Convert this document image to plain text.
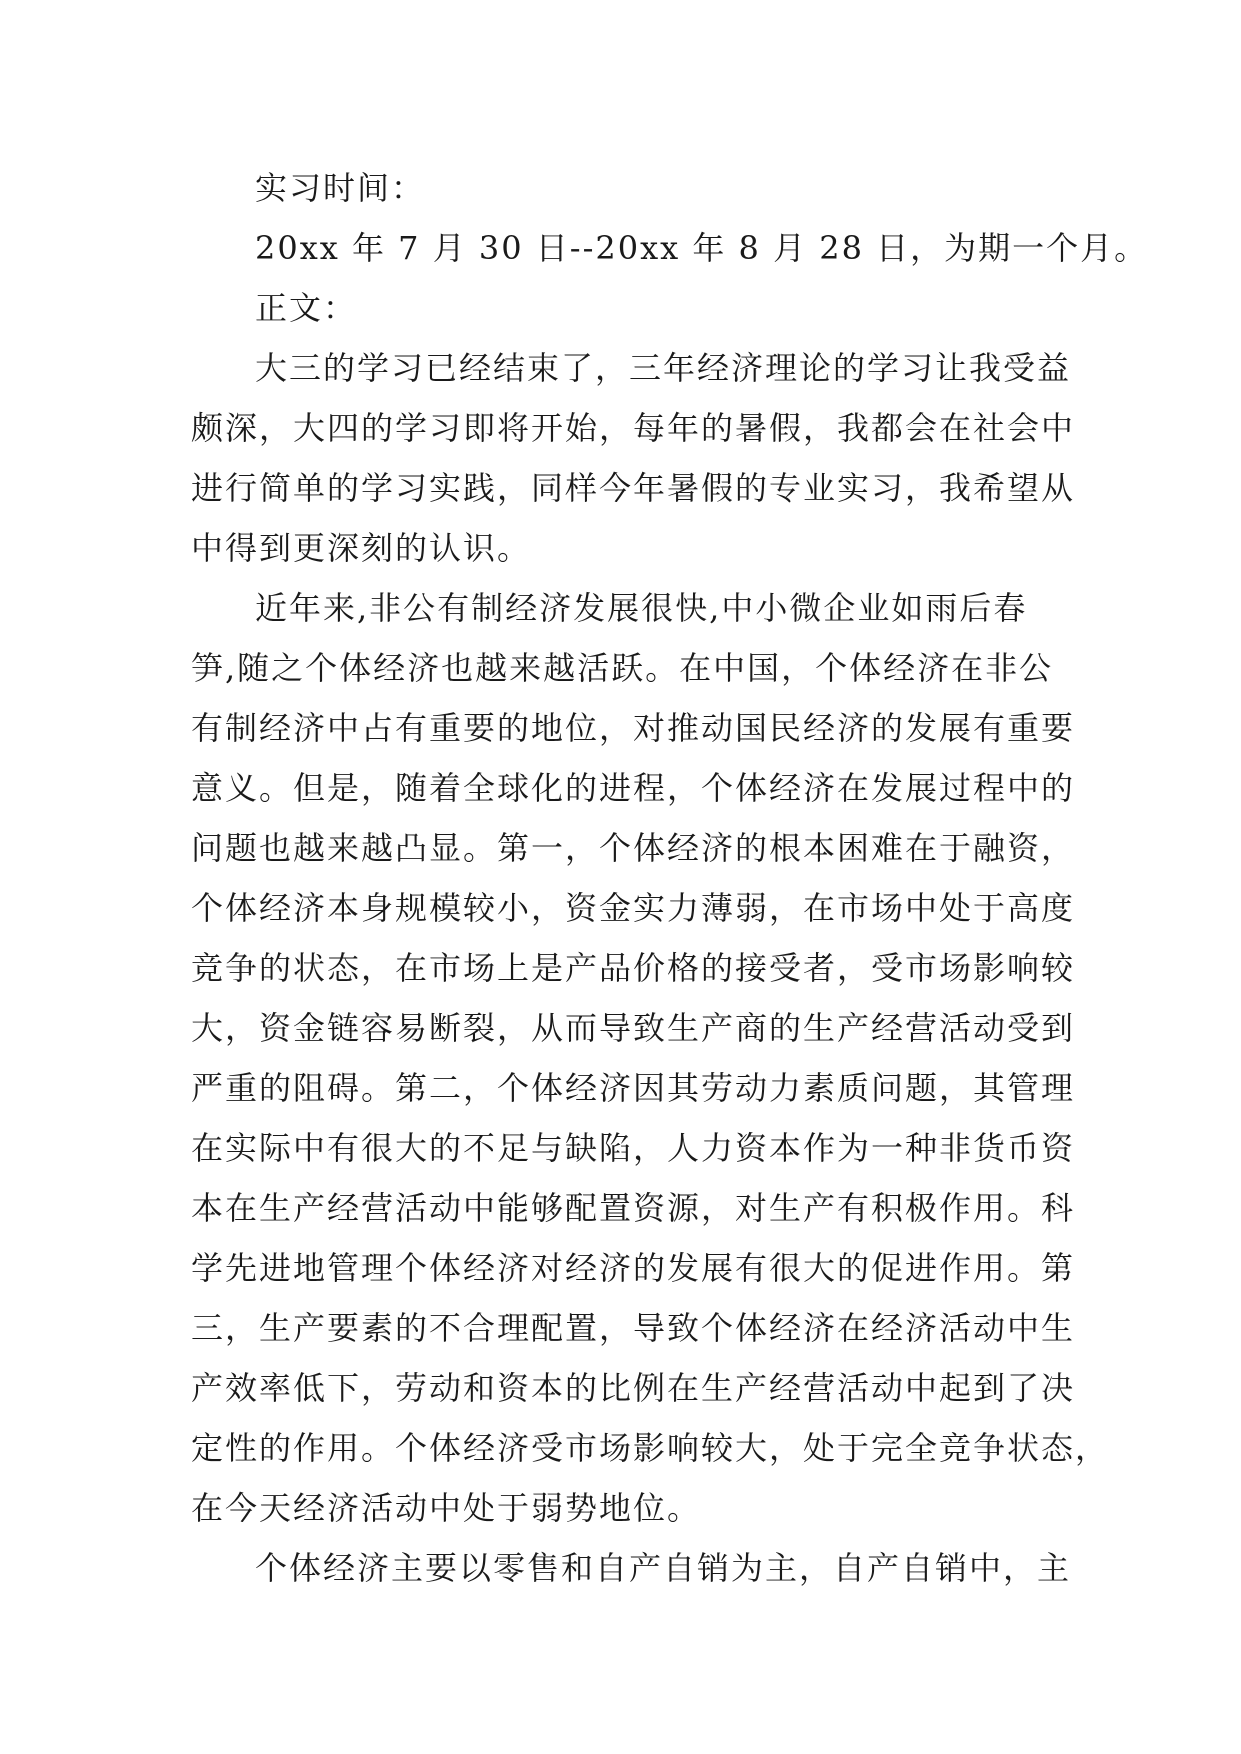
实习时间：
20xx 年 7 月 30 日--20xx 年 8 月 28 日，为期一个月。
正文：
大三的学习已经结束了，三年经济理论的学习让我受益
颇深，大四的学习即将开始，每年的暑假，我都会在社会中
进行简单的学习实践，同样今年暑假的专业实习，我希望从
中得到更深刻的认识。
近年来,非公有制经济发展很快,中小微企业如雨后春
笋,随之个体经济也越来越活跃。在中国，个体经济在非公
有制经济中占有重要的地位，对推动国民经济的发展有重要
意义。但是，随着全球化的进程，个体经济在发展过程中的
问题也越来越凸显。第一，个体经济的根本困难在于融资，
个体经济本身规模较小，资金实力薄弱，在市场中处于高度
竞争的状态，在市场上是产品价格的接受者，受市场影响较
大，资金链容易断裂，从而导致生产商的生产经营活动受到
严重的阻碍。第二，个体经济因其劳动力素质问题，其管理
在实际中有很大的不足与缺陷，人力资本作为一种非货币资
本在生产经营活动中能够配置资源，对生产有积极作用。科
学先进地管理个体经济对经济的发展有很大的促进作用。第
三，生产要素的不合理配置，导致个体经济在经济活动中生
产效率低下，劳动和资本的比例在生产经营活动中起到了决
定性的作用。个体经济受市场影响较大，处于完全竞争状态，
在今天经济活动中处于弱势地位。
个体经济主要以零售和自产自销为主，自产自销中，主
